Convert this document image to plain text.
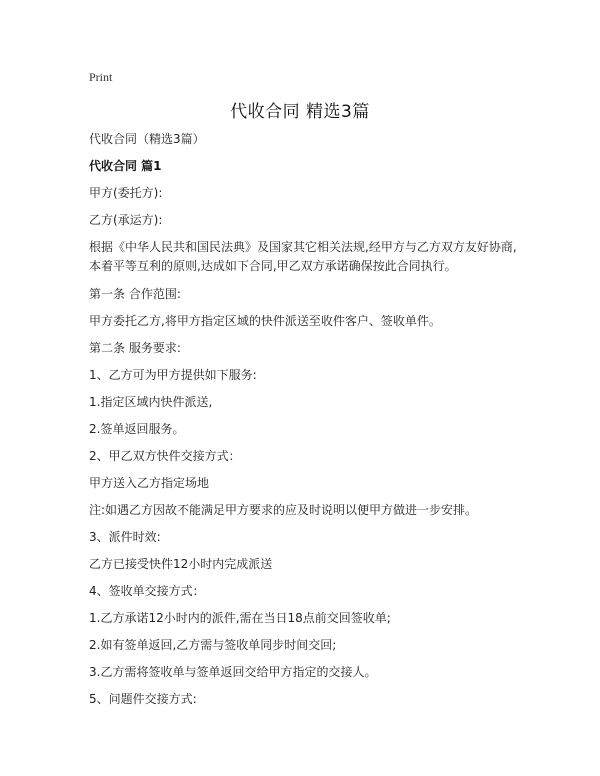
Print
代收合同 精选3篇

代收合同（精选3篇）

代收合同 篇1

甲方(委托方):

乙方(承运方):

根据《中华人民共和国民法典》及国家其它相关法规,经甲方与乙方双方友好协商,本着平等互利的原则,达成如下合同,甲乙双方承诺确保按此合同执行。

第一条 合作范围:

甲方委托乙方,将甲方指定区域的快件派送至收件客户、签收单件。

第二条 服务要求:

1、乙方可为甲方提供如下服务:

1.指定区域内快件派送,

2.签单返回服务。

2、甲乙双方快件交接方式：

甲方送入乙方指定场地

注:如遇乙方因故不能满足甲方要求的应及时说明以便甲方做进一步安排。

3、派件时效:

乙方已接受快件12小时内完成派送

4、签收单交接方式：

1.乙方承诺12小时内的派件,需在当日18点前交回签收单;

2.如有签单返回,乙方需与签收单同步时间交回;

3.乙方需将签收单与签单返回交给甲方指定的交接人。

5、问题件交接方式:
